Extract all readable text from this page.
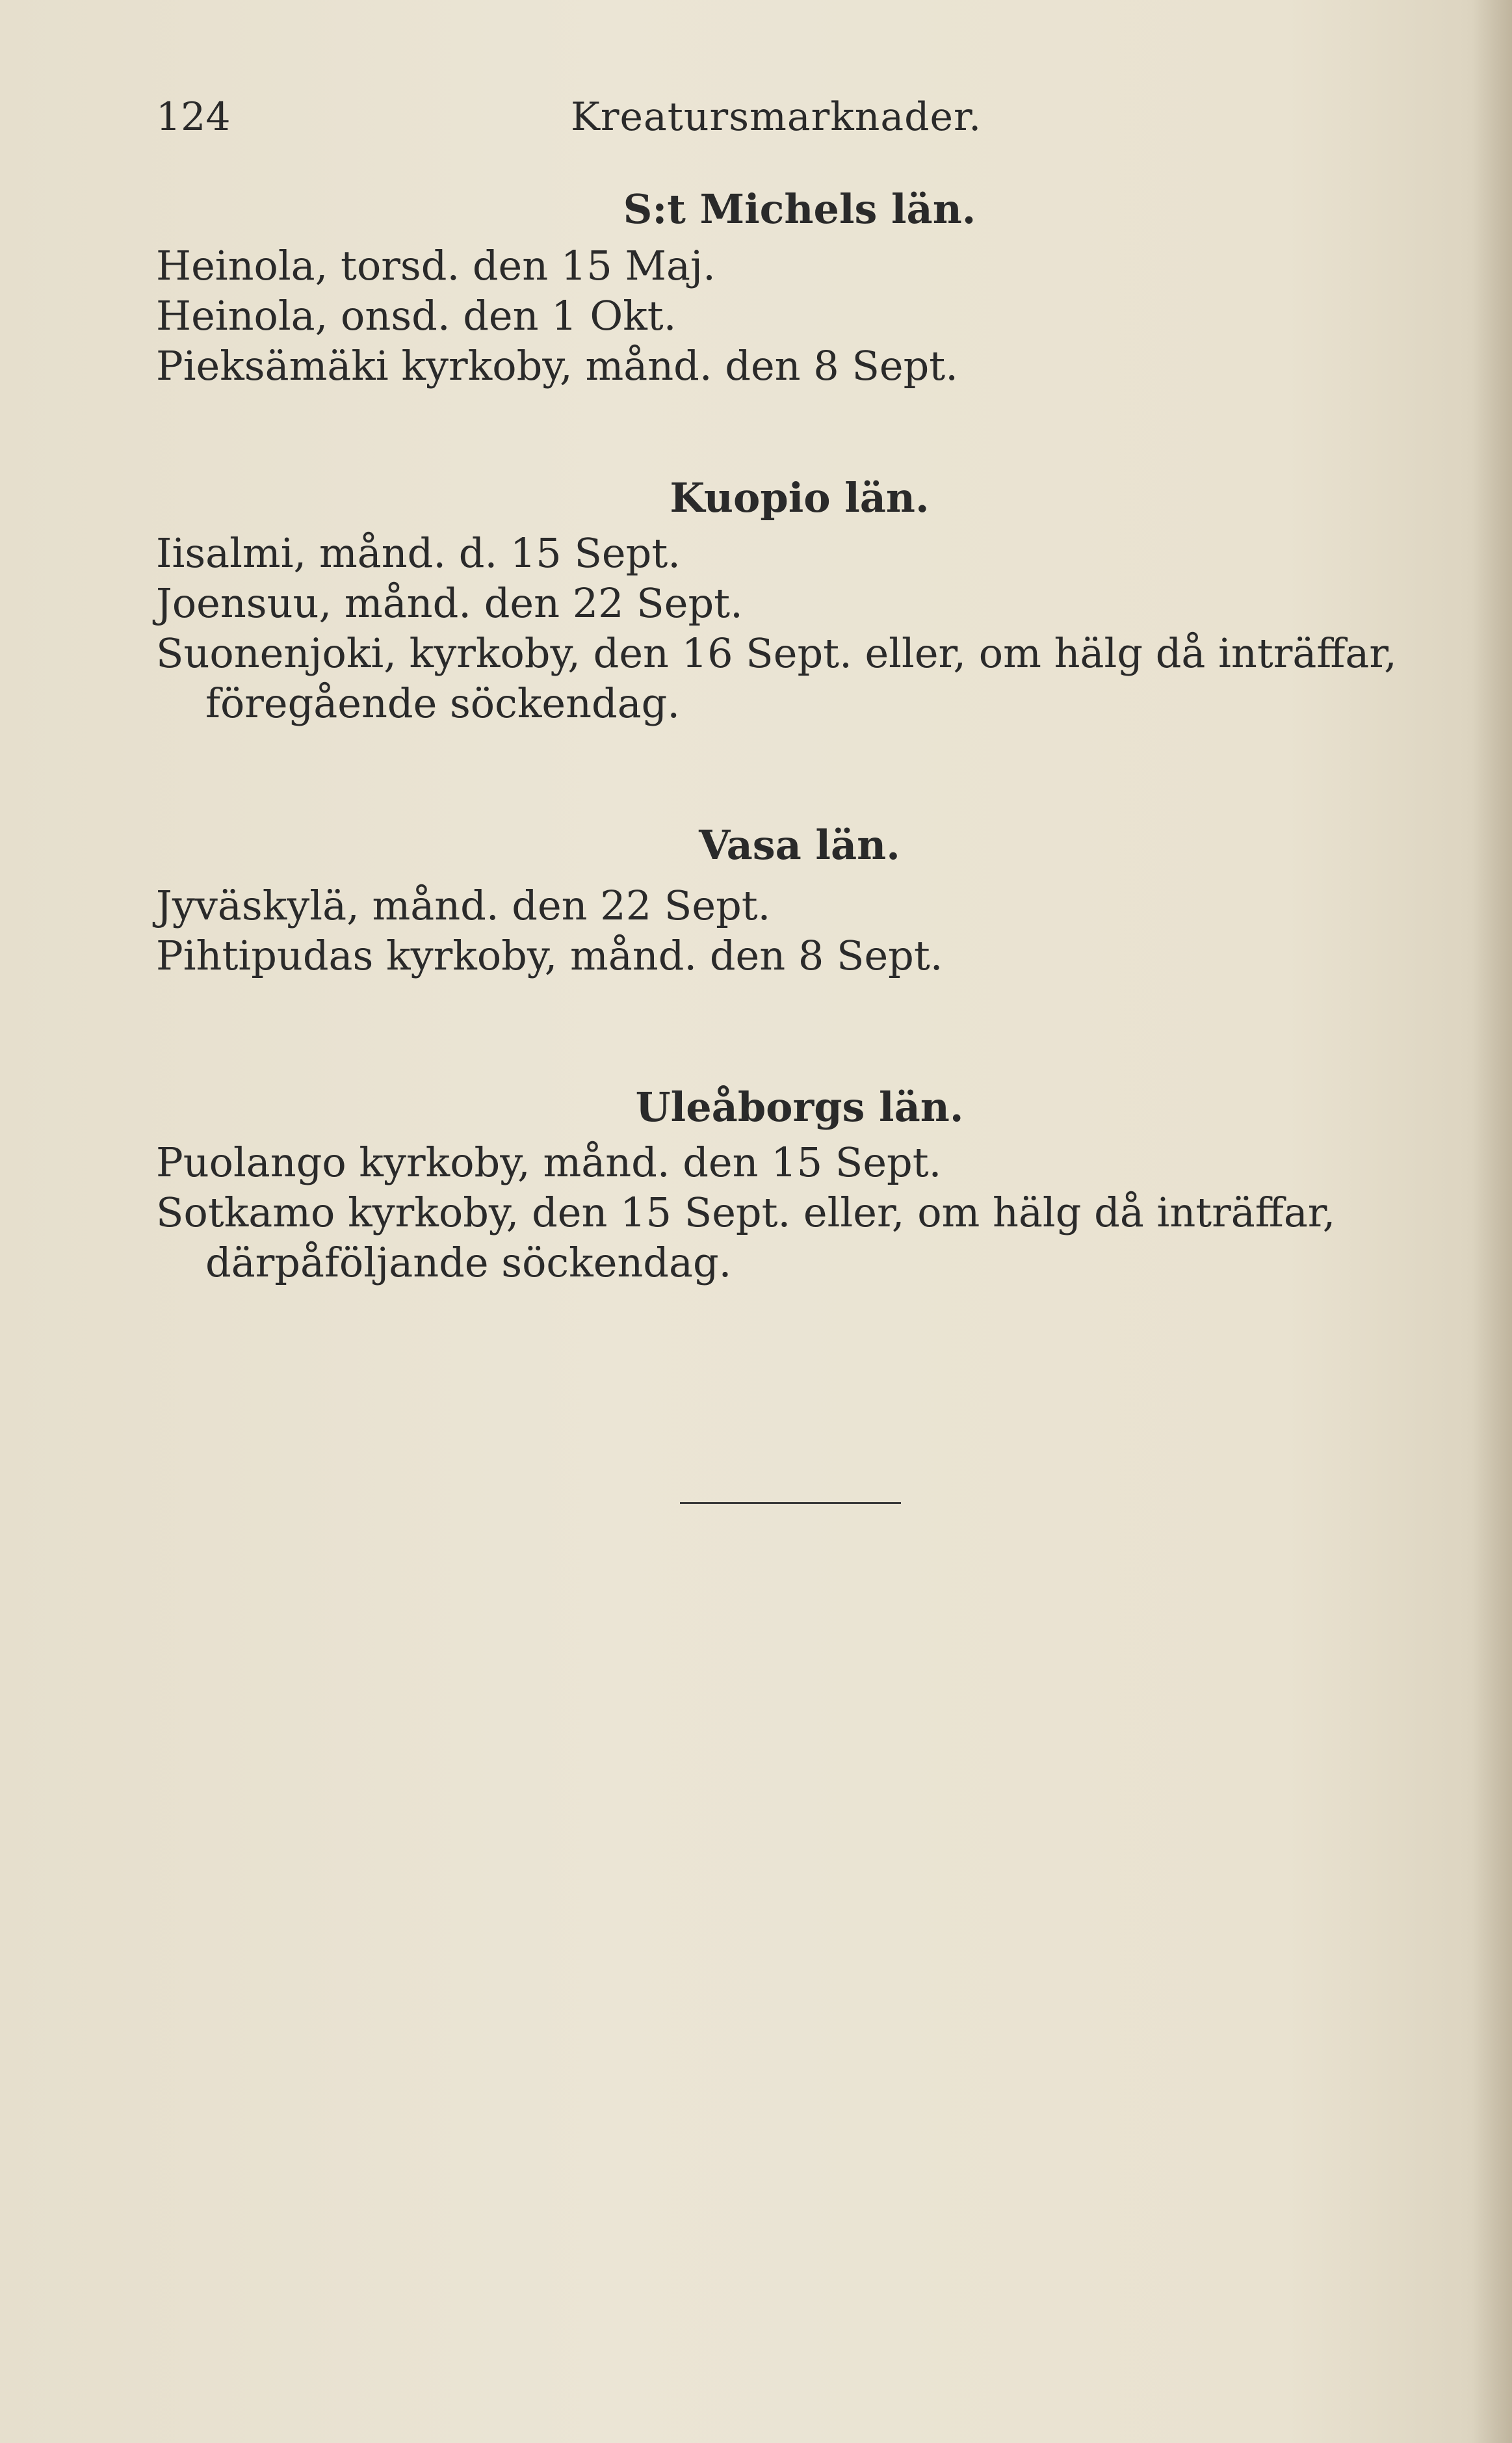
124	Kreatursmarknader.
S:t Michels län.
Heinola, torsd. den 15 Maj.
Heinola, onsd. den 1 Okt.
Pieksämäki kyrkoby, månd. den 8 Sept.
Kuopio län.
Iisalmi, månd. d. 15 Sept.
Joensuu, månd. den 22 Sept.
Suonenjoki, kyrkoby, den 16 Sept. eller, om hälg då inträffar, föregående söckendag.
Vasa län.
Jyväskylä, månd. den 22 Sept.
Pihtipudas kyrkoby, månd. den 8 Sept.
Uleåborgs län.
Puolango kyrkoby, månd. den 15 Sept.
Sotkamo kyrkoby, den 15 Sept. eller, om hälg då inträffar, därpåföljande söckendag.
